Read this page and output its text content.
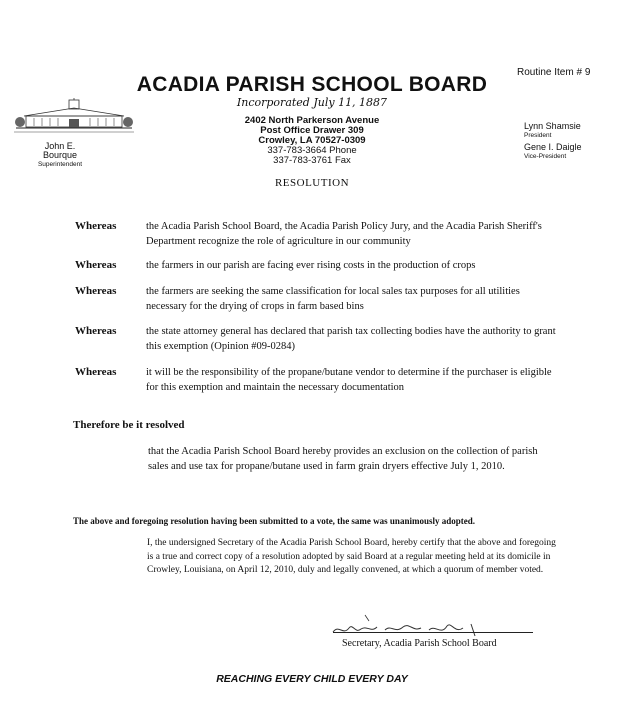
Routine Item # 9
ACADIA PARISH SCHOOL BOARD
Incorporated July 11, 1887
2402 North Parkerson Avenue
Post Office Drawer 309
Crowley, LA 70527-0309
337-783-3664 Phone
337-783-3761 Fax
John E. Bourque
Superintendent
Lynn Shamsie
President
Gene I. Daigle
Vice-President
RESOLUTION
Whereas	the Acadia Parish School Board, the Acadia Parish Policy Jury, and the Acadia Parish Sheriff's Department recognize the role of agriculture in our community
Whereas	the farmers in our parish are facing ever rising costs in the production of crops
Whereas	the farmers are seeking the same classification for local sales tax purposes for all utilities necessary for the drying of crops in farm based bins
Whereas	the state attorney general has declared that parish tax collecting bodies have the authority to grant this exemption (Opinion #09-0284)
Whereas	it will be the responsibility of the propane/butane vendor to determine if the purchaser is eligible for this exemption and maintain the necessary documentation
Therefore be it resolved
that the Acadia Parish School Board hereby provides an exclusion on the collection of parish sales and use tax for propane/butane used in farm grain dryers effective July 1, 2010.
The above and foregoing resolution having been submitted to a vote, the same was unanimously adopted.
I, the undersigned Secretary of the Acadia Parish School Board, hereby certify that the above and foregoing is a true and correct copy of a resolution adopted by said Board at a regular meeting held at its domicile in Crowley, Louisiana, on April 12, 2010, duly and legally convened, at which a quorum of member voted.
Secretary, Acadia Parish School Board
REACHING EVERY CHILD EVERY DAY
